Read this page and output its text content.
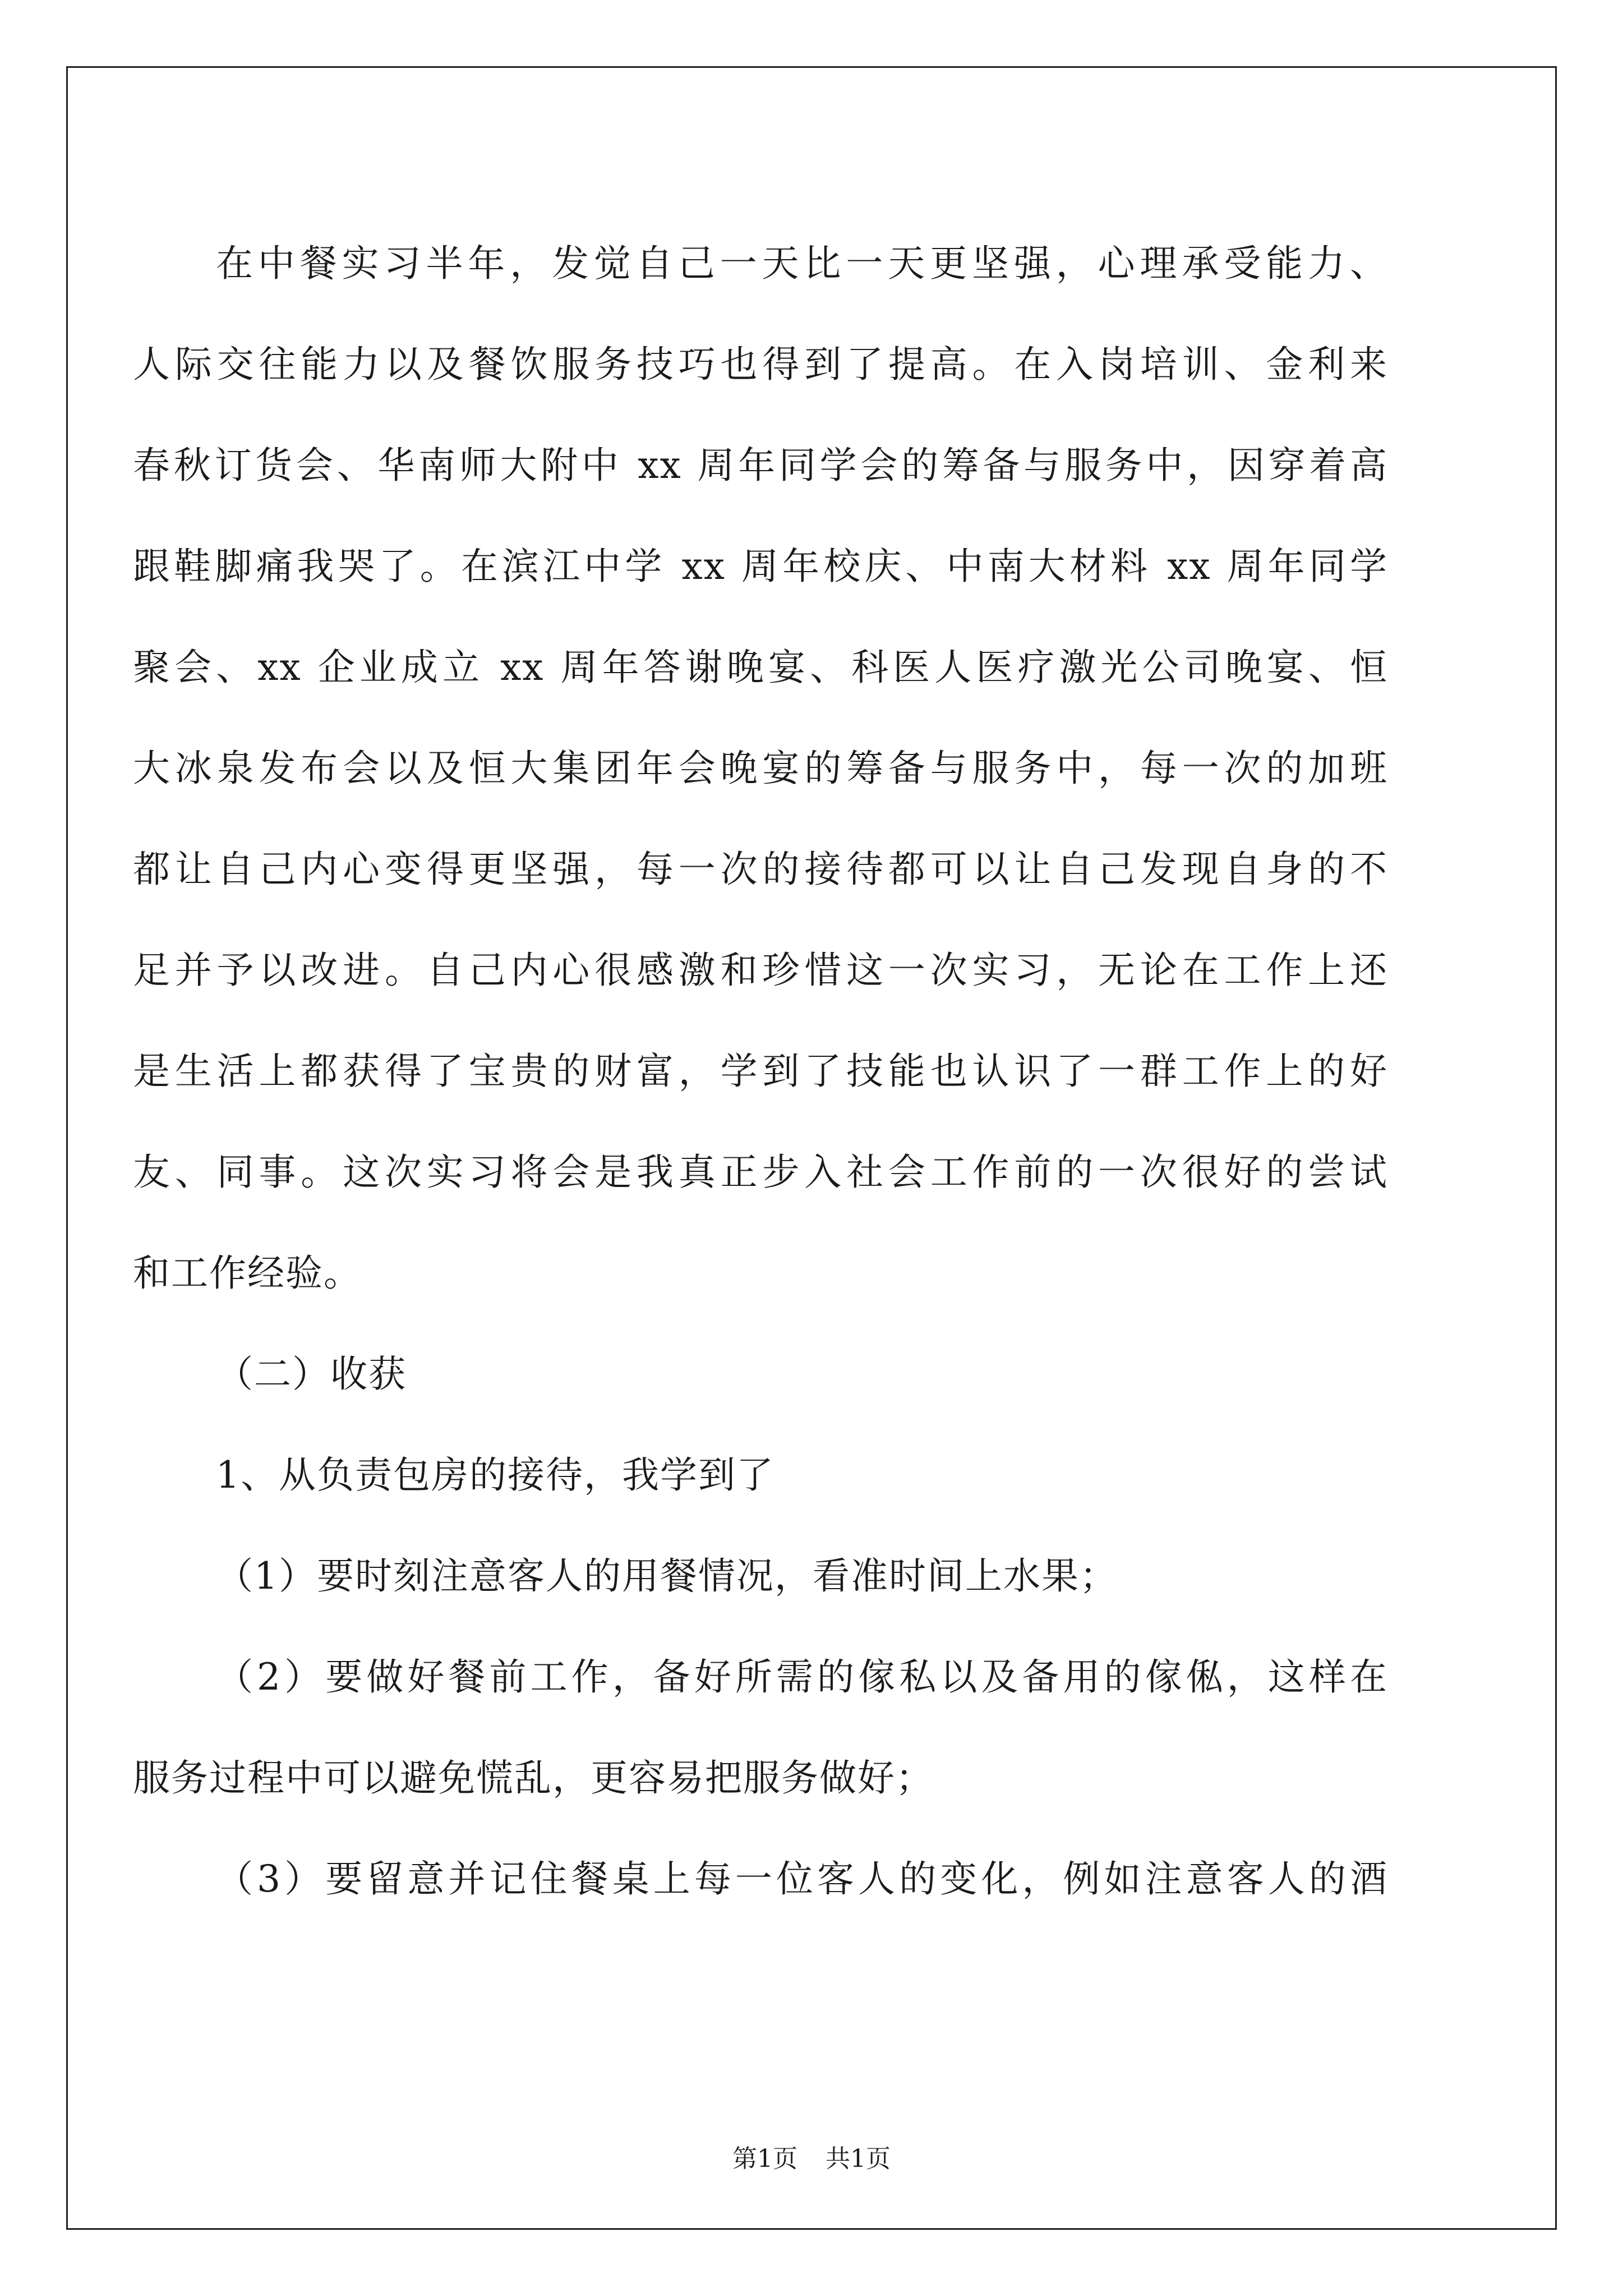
在中餐实习半年，发觉自己一天比一天更坚强，心理承受能力、

人际交往能力以及餐饮服务技巧也得到了提高。在入岗培训、金利来

春秋订货会、华南师大附中 xx 周年同学会的筹备与服务中，因穿着高

跟鞋脚痛我哭了。在滨江中学 xx 周年校庆、中南大材料 xx 周年同学

聚会、xx 企业成立 xx 周年答谢晚宴、科医人医疗激光公司晚宴、恒

大冰泉发布会以及恒大集团年会晚宴的筹备与服务中，每一次的加班

都让自己内心变得更坚强，每一次的接待都可以让自己发现自身的不

足并予以改进。自己内心很感激和珍惜这一次实习，无论在工作上还

是生活上都获得了宝贵的财富，学到了技能也认识了一群工作上的好

友、同事。这次实习将会是我真正步入社会工作前的一次很好的尝试

和工作经验。

（二）收获

1、从负责包房的接待，我学到了

（1）要时刻注意客人的用餐情况，看准时间上水果；

（2）要做好餐前工作，备好所需的傢私以及备用的傢俬，这样在

服务过程中可以避免慌乱，更容易把服务做好；

（3）要留意并记住餐桌上每一位客人的变化，例如注意客人的酒

第1页 共1页
